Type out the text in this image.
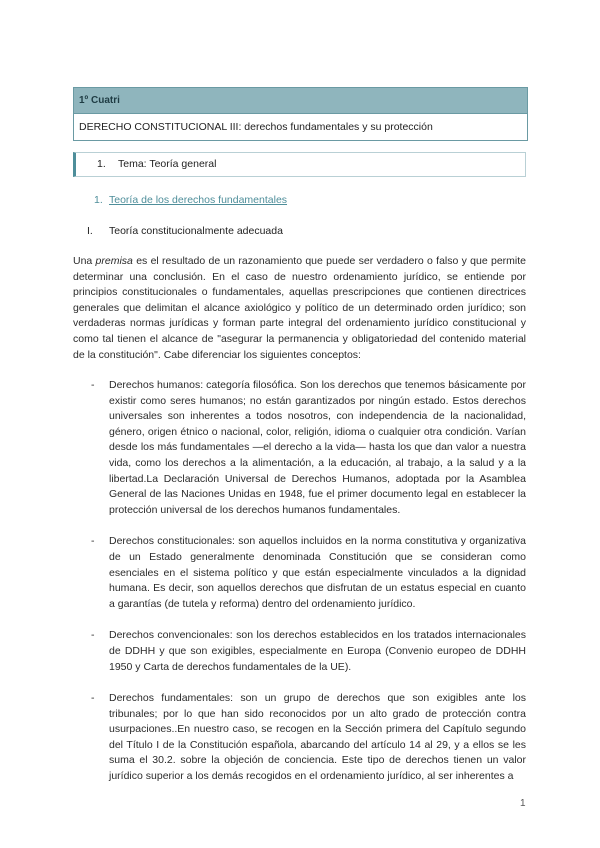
1º Cuatri
DERECHO CONSTITUCIONAL III: derechos fundamentales y su protección
1. Tema: Teoría general
1. Teoría de los derechos fundamentales
I. Teoría constitucionalmente adecuada

Una premisa es el resultado de un razonamiento que puede ser verdadero o falso y que permite determinar una conclusión. En el caso de nuestro ordenamiento jurídico, se entiende por principios constitucionales o fundamentales, aquellas prescripciones que contienen directrices generales que delimitan el alcance axiológico y político de un determinado orden jurídico; son verdaderas normas jurídicas y forman parte integral del ordenamiento jurídico constitucional y como tal tienen el alcance de "asegurar la permanencia y obligatoriedad del contenido material de la constitución". Cabe diferenciar los siguientes conceptos:

- Derechos humanos: categoría filosófica. Son los derechos que tenemos básicamente por existir como seres humanos; no están garantizados por ningún estado. Estos derechos universales son inherentes a todos nosotros, con independencia de la nacionalidad, género, origen étnico o nacional, color, religión, idioma o cualquier otra condición. Varían desde los más fundamentales —el derecho a la vida— hasta los que dan valor a nuestra vida, como los derechos a la alimentación, a la educación, al trabajo, a la salud y a la libertad.La Declaración Universal de Derechos Humanos, adoptada por la Asamblea General de las Naciones Unidas en 1948, fue el primer documento legal en establecer la protección universal de los derechos humanos fundamentales.
- Derechos constitucionales: son aquellos incluidos en la norma constitutiva y organizativa de un Estado generalmente denominada Constitución que se consideran como esenciales en el sistema político y que están especialmente vinculados a la dignidad humana. Es decir, son aquellos derechos que disfrutan de un estatus especial en cuanto a garantías (de tutela y reforma) dentro del ordenamiento jurídico.
- Derechos convencionales: son los derechos establecidos en los tratados internacionales de DDHH y que son exigibles, especialmente en Europa (Convenio europeo de DDHH 1950 y Carta de derechos fundamentales de la UE).
- Derechos fundamentales: son un grupo de derechos que son exigibles ante los tribunales; por lo que han sido reconocidos por un alto grado de protección contra usurpaciones..En nuestro caso, se recogen en la Sección primera del Capítulo segundo del Título I de la Constitución española, abarcando del artículo 14 al 29, y a ellos se les suma el 30.2. sobre la objeción de conciencia. Este tipo de derechos tienen un valor jurídico superior a los demás recogidos en el ordenamiento jurídico, al ser inherentes a
1
